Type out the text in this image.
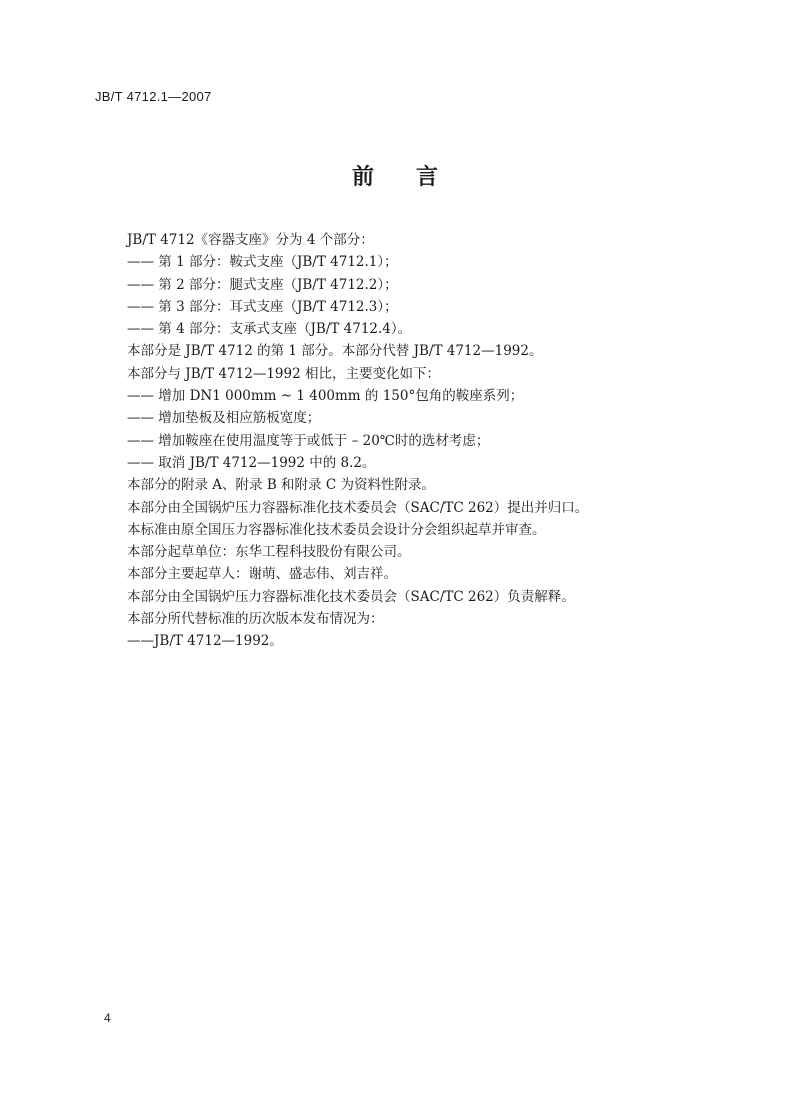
JB/T 4712.1—2007
前 言
JB/T 4712《容器支座》分为 4 个部分：
—— 第 1 部分：鞍式支座（JB/T 4712.1）；
—— 第 2 部分：腿式支座（JB/T 4712.2）；
—— 第 3 部分：耳式支座（JB/T 4712.3）；
—— 第 4 部分：支承式支座（JB/T 4712.4）。
本部分是 JB/T 4712 的第 1 部分。本部分代替 JB/T 4712—1992。
本部分与 JB/T 4712—1992 相比，主要变化如下：
—— 增加 DN1 000mm ~ 1 400mm 的 150°包角的鞍座系列；
—— 增加垫板及相应筋板宽度；
—— 增加鞍座在使用温度等于或低于 – 20℃时的选材考虑；
—— 取消 JB/T 4712—1992 中的 8.2。
本部分的附录 A、附录 B 和附录 C 为资料性附录。
本部分由全国锅炉压力容器标准化技术委员会（SAC/TC 262）提出并归口。
本标准由原全国压力容器标准化技术委员会设计分会组织起草并审查。
本部分起草单位：东华工程科技股份有限公司。
本部分主要起草人：谢萌、盛志伟、刘吉祥。
本部分由全国锅炉压力容器标准化技术委员会（SAC/TC 262）负责解释。
本部分所代替标准的历次版本发布情况为：
——JB/T 4712—1992。
4
